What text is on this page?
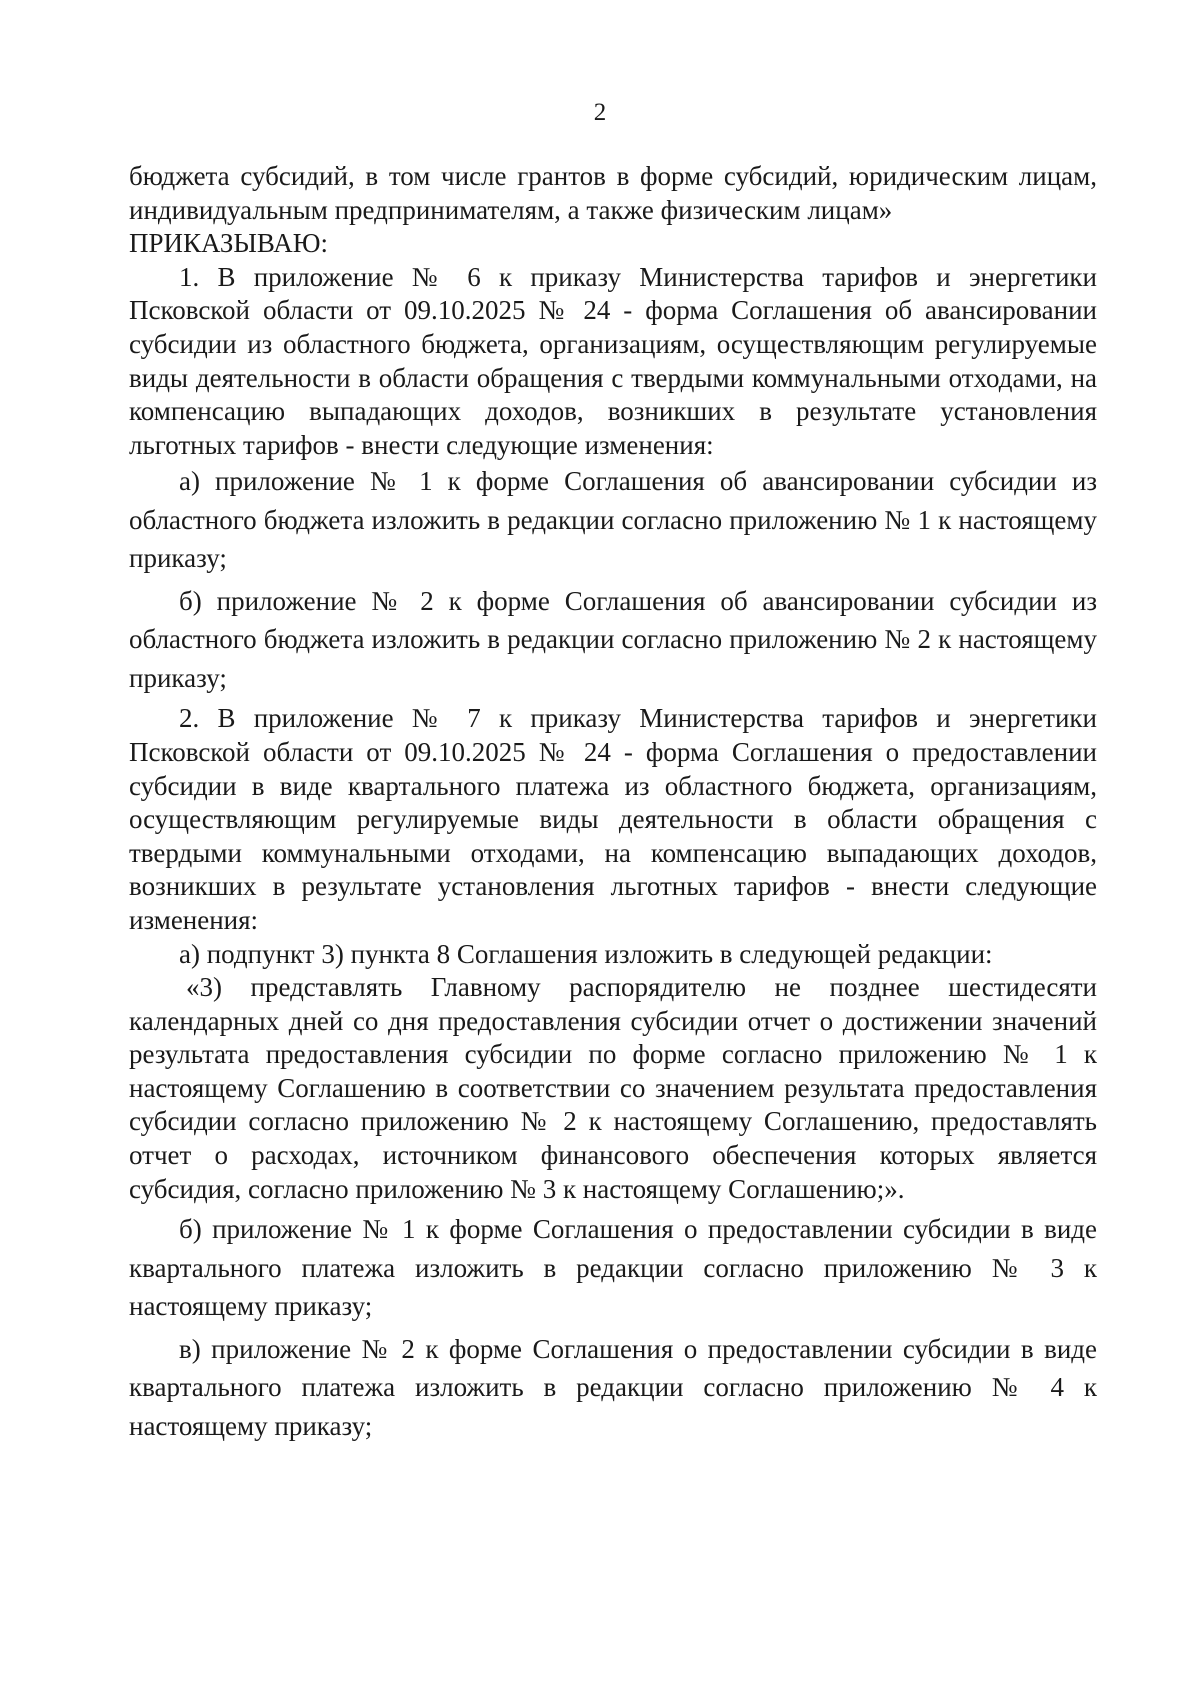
2

бюджета субсидий, в том числе грантов в форме субсидий, юридическим лицам, индивидуальным предпринимателям, а также физическим лицам»

ПРИКАЗЫВАЮ:

1. В приложение № 6 к приказу Министерства тарифов и энергетики Псковской области от 09.10.2025 № 24 - форма Соглашения об авансировании субсидии из областного бюджета, организациям, осуществляющим регулируемые виды деятельности в области обращения с твердыми коммунальными отходами, на компенсацию выпадающих доходов, возникших в результате установления льготных тарифов - внести следующие изменения:

а) приложение № 1 к форме Соглашения об авансировании субсидии из областного бюджета изложить в редакции согласно приложению № 1 к настоящему приказу;

б) приложение № 2 к форме Соглашения об авансировании субсидии из областного бюджета изложить в редакции согласно приложению № 2 к настоящему приказу;

2. В приложение № 7 к приказу Министерства тарифов и энергетики Псковской области от 09.10.2025 № 24 - форма Соглашения о предоставлении субсидии в виде квартального платежа из областного бюджета, организациям, осуществляющим регулируемые виды деятельности в области обращения с твердыми коммунальными отходами, на компенсацию выпадающих доходов, возникших в результате установления льготных тарифов - внести следующие изменения:

а) подпункт 3) пункта 8 Соглашения изложить в следующей редакции:

«3) представлять Главному распорядителю не позднее шестидесяти календарных дней со дня предоставления субсидии отчет о достижении значений результата предоставления субсидии по форме согласно приложению № 1 к настоящему Соглашению в соответствии со значением результата предоставления субсидии согласно приложению № 2 к настоящему Соглашению, предоставлять отчет о расходах, источником финансового обеспечения которых является субсидия, согласно приложению № 3 к настоящему Соглашению;».

б) приложение № 1 к форме Соглашения о предоставлении субсидии в виде квартального платежа изложить в редакции согласно приложению № 3 к настоящему приказу;

в) приложение № 2 к форме Соглашения о предоставлении субсидии в виде квартального платежа изложить в редакции согласно приложению № 4 к настоящему приказу;
